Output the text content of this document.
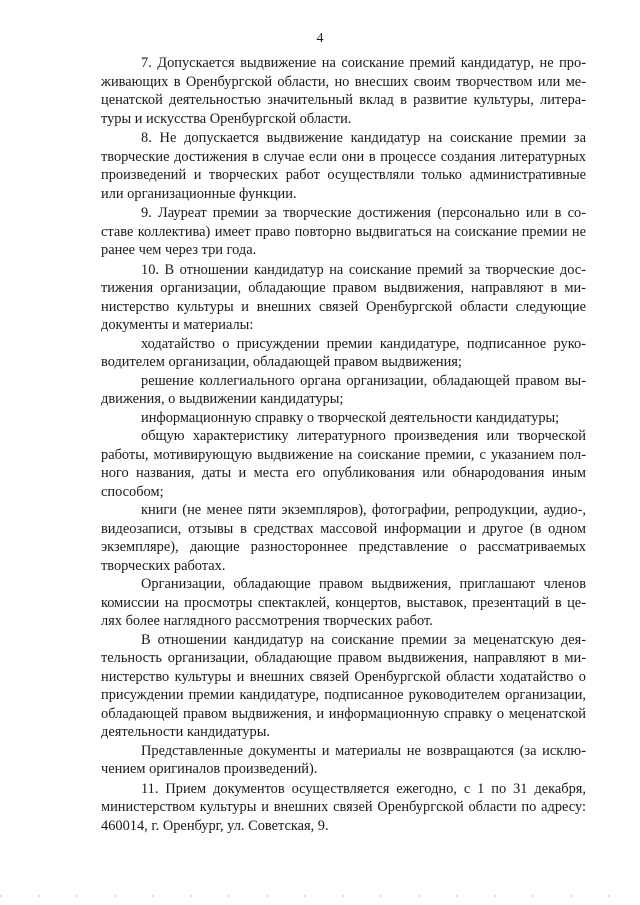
4

7. Допускается выдвижение на соискание премий кандидатур, не проживающих в Оренбургской области, но внесших своим творчеством или меценатской деятельностью значительный вклад в развитие культуры, литературы и искусства Оренбургской области.

8. Не допускается выдвижение кандидатур на соискание премии за творческие достижения в случае если они в процессе создания литературных произведений и творческих работ осуществляли только административные или организационные функции.

9. Лауреат премии за творческие достижения (персонально или в составе коллектива) имеет право повторно выдвигаться на соискание премии не ранее чем через три года.

10. В отношении кандидатур на соискание премий за творческие достижения организации, обладающие правом выдвижения, направляют в министерство культуры и внешних связей Оренбургской области следующие документы и материалы:

ходатайство о присуждении премии кандидатуре, подписанное руководителем организации, обладающей правом выдвижения;

решение коллегиального органа организации, обладающей правом выдвижения, о выдвижении кандидатуры;

информационную справку о творческой деятельности кандидатуры;

общую характеристику литературного произведения или творческой работы, мотивирующую выдвижение на соискание премии, с указанием полного названия, даты и места его опубликования или обнародования иным способом;

книги (не менее пяти экземпляров), фотографии, репродукции, аудио-, видеозаписи, отзывы в средствах массовой информации и другое (в одном экземпляре), дающие разностороннее представление о рассматриваемых творческих работах.

Организации, обладающие правом выдвижения, приглашают членов комиссии на просмотры спектаклей, концертов, выставок, презентаций в целях более наглядного рассмотрения творческих работ.

В отношении кандидатур на соискание премии за меценатскую деятельность организации, обладающие правом выдвижения, направляют в министерство культуры и внешних связей Оренбургской области ходатайство о присуждении премии кандидатуре, подписанное руководителем организации, обладающей правом выдвижения, и информационную справку о меценатской деятельности кандидатуры.

Представленные документы и материалы не возвращаются (за исключением оригиналов произведений).

11. Прием документов осуществляется ежегодно, с 1 по 31 декабря, министерством культуры и внешних связей Оренбургской области по адресу: 460014, г. Оренбург, ул. Советская, 9.
